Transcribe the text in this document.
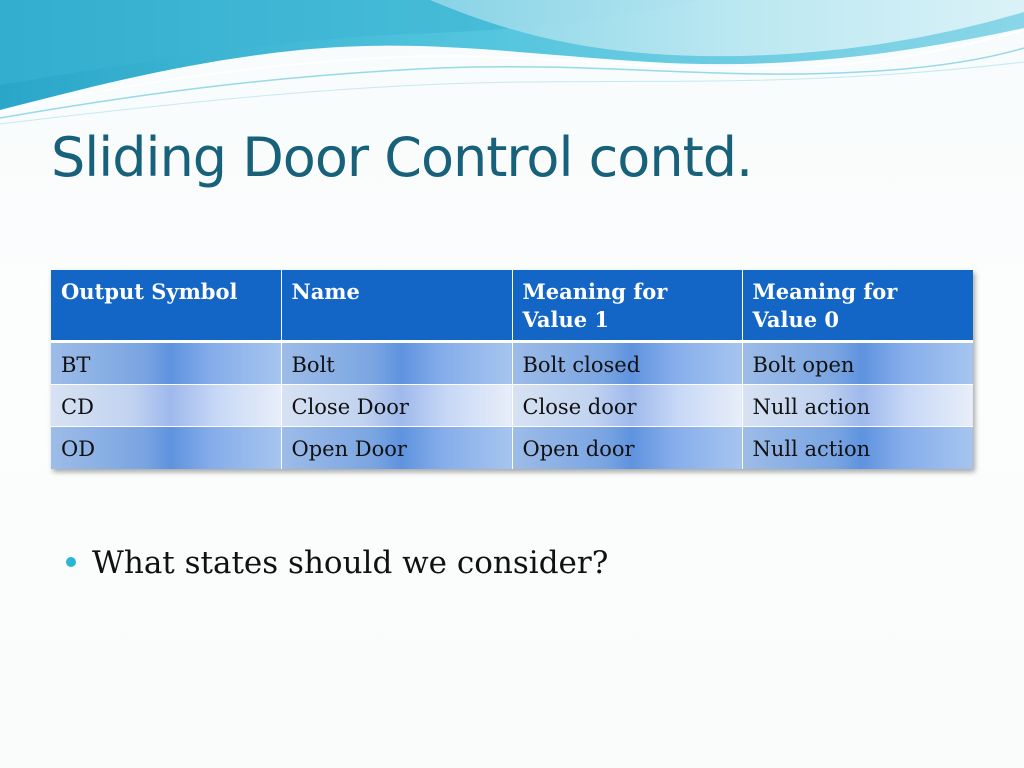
Sliding Door Control contd.
Output Symbol	Name	Meaning for Value 1	Meaning for Value 0
BT	Bolt	Bolt closed	Bolt open
CD	Close Door	Close door	Null action
OD	Open Door	Open door	Null action
What states should we consider?
